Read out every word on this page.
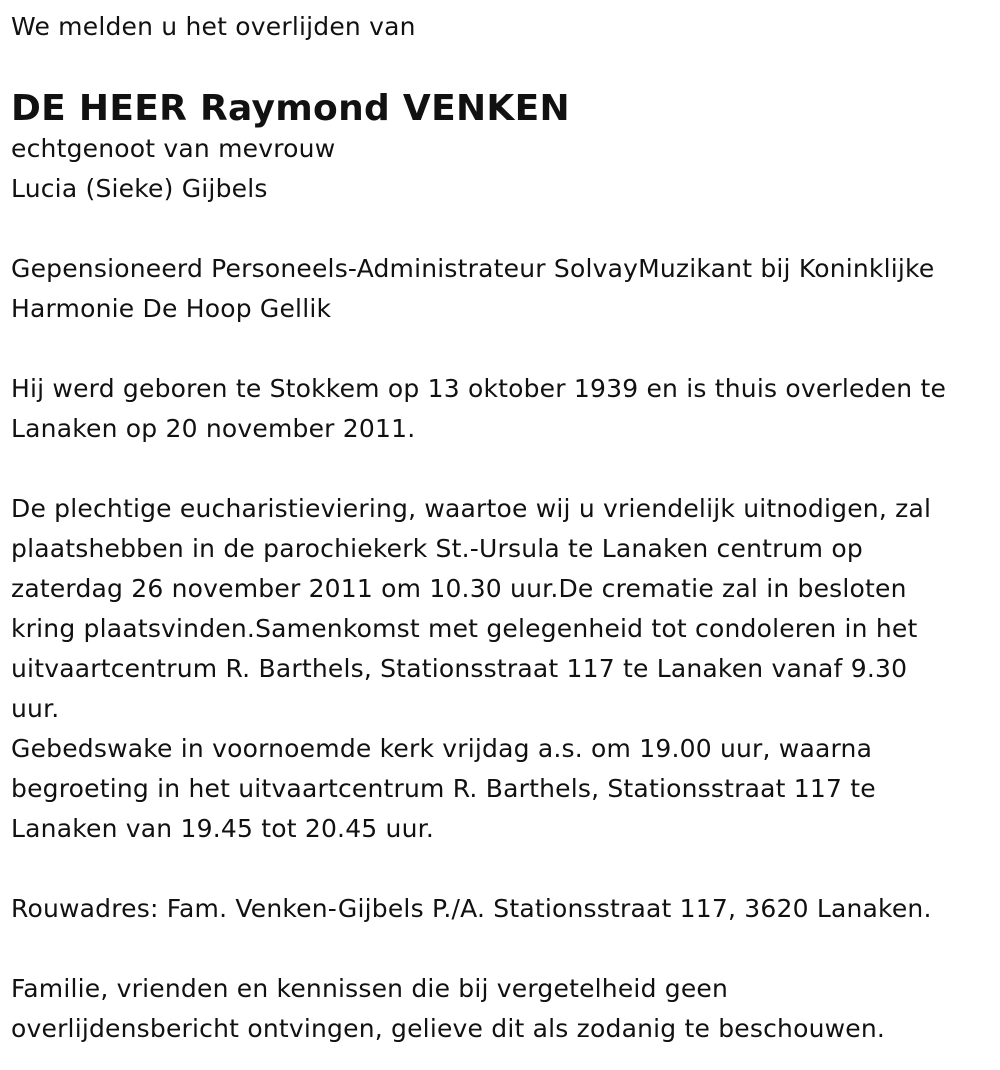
We melden u het overlijden van
DE HEER Raymond VENKEN
echtgenoot van mevrouw
Lucia (Sieke) Gijbels
Gepensioneerd Personeels-Administrateur SolvayMuzikant bij Koninklijke
Harmonie De Hoop Gellik
Hij werd geboren te Stokkem op 13 oktober 1939 en is thuis overleden te
Lanaken op 20 november 2011.
De plechtige eucharistieviering, waartoe wij u vriendelijk uitnodigen, zal
plaatshebben in de parochiekerk St.-Ursula te Lanaken centrum op
zaterdag 26 november 2011 om 10.30 uur.De crematie zal in besloten
kring plaatsvinden.Samenkomst met gelegenheid tot condoleren in het
uitvaartcentrum R. Barthels, Stationsstraat 117 te Lanaken vanaf 9.30
uur.
Gebedswake in voornoemde kerk vrijdag a.s. om 19.00 uur, waarna
begroeting in het uitvaartcentrum R. Barthels, Stationsstraat 117 te
Lanaken van 19.45 tot 20.45 uur.
Rouwadres: Fam. Venken-Gijbels P./A. Stationsstraat 117, 3620 Lanaken.
Familie, vrienden en kennissen die bij vergetelheid geen
overlijdensbericht ontvingen, gelieve dit als zodanig te beschouwen.
